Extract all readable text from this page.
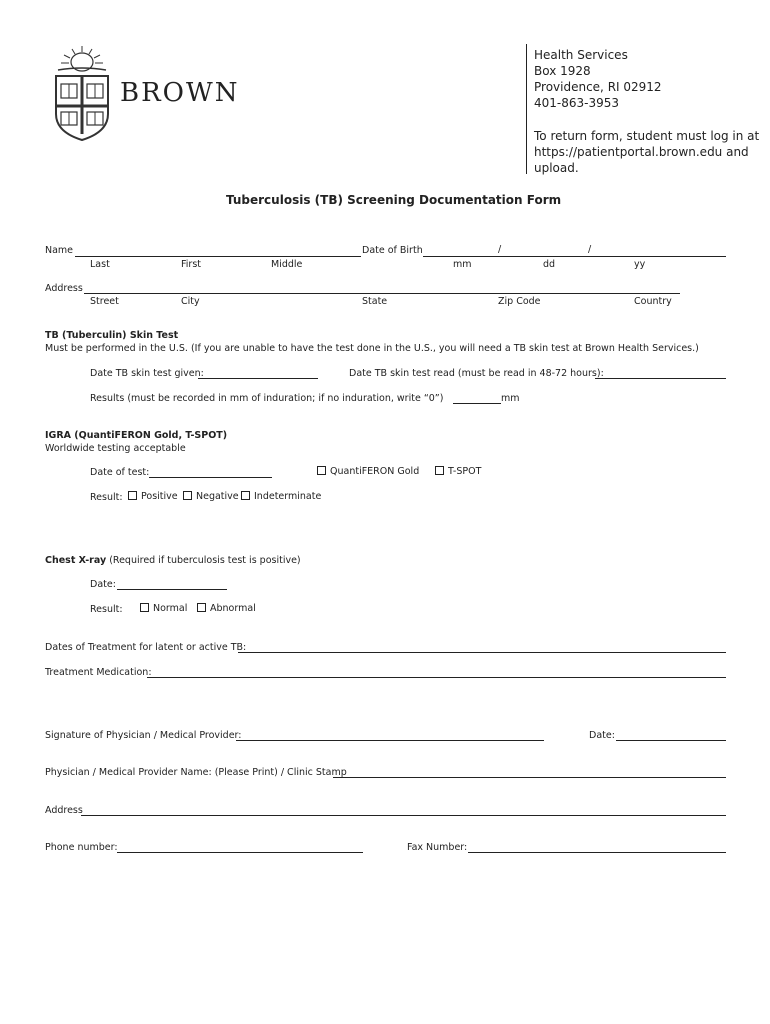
BROWN
Health Services
Box 1928
Providence, RI 02912
401-863-3953
To return form, student must log in at
https://patientportal.brown.edu and
upload.
Tuberculosis (TB) Screening Documentation Form
Name	Date of Birth	/	/
Last	First	Middle	mm	dd	yy
Address
Street	City	State	Zip Code	Country
TB (Tuberculin) Skin Test
Must be performed in the U.S. (If you are unable to have the test done in the U.S., you will need a TB skin test at Brown Health Services.)
Date TB skin test given:	Date TB skin test read (must be read in 48-72 hours):
Results (must be recorded in mm of induration; if no induration, write “0”)	mm
IGRA (QuantiFERON Gold, T-SPOT)
Worldwide testing acceptable
Date of test:	QuantiFERON Gold	T-SPOT
Result:	Positive	Negative	Indeterminate
Chest X-ray (Required if tuberculosis test is positive)
Date:
Result:	Normal	Abnormal
Dates of Treatment for latent or active TB:
Treatment Medication:
Signature of Physician / Medical Provider:	Date:
Physician / Medical Provider Name: (Please Print) / Clinic Stamp
Address
Phone number:	Fax Number:
